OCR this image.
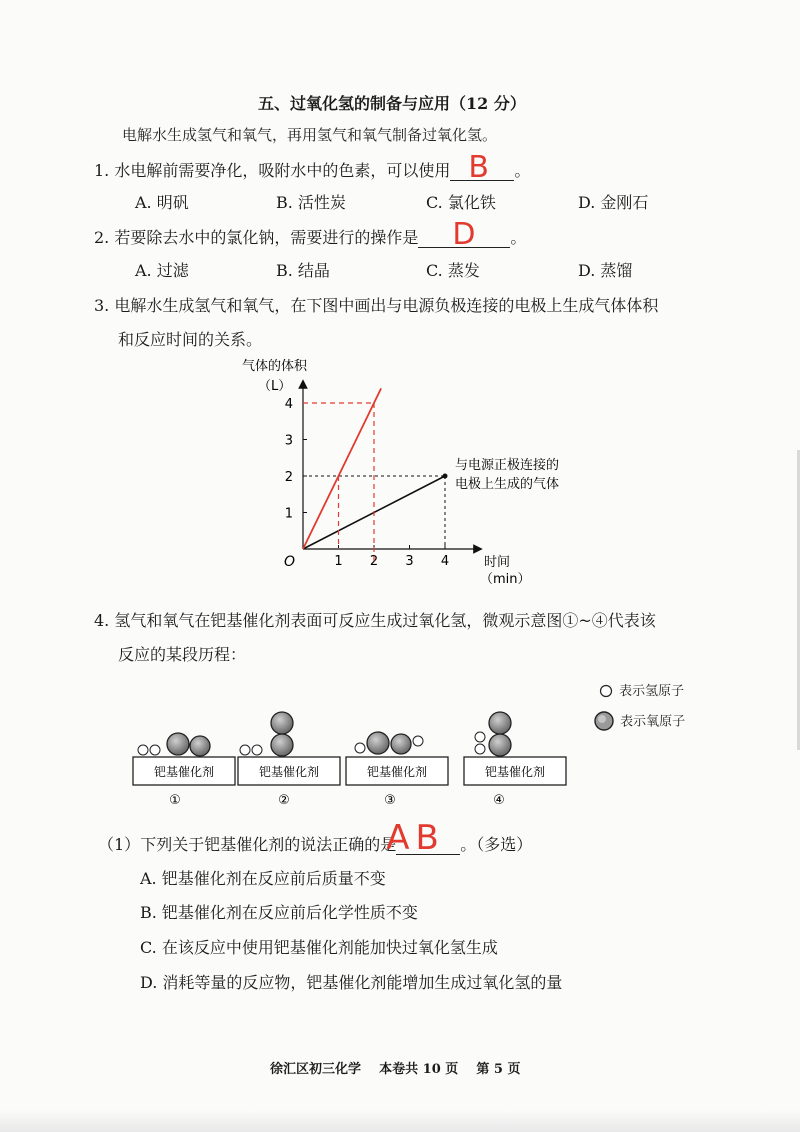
五、过氧化氢的制备与应用（12 分）
电解水生成氢气和氧气，再用氢气和氧气制备过氧化氢。
1. 水电解前需要净化，吸附水中的色素，可以使用 B 。
A. 明矾	B. 活性炭	C. 氯化铁	D. 金刚石
2. 若要除去水中的氯化钠，需要进行的操作是 D 。
A. 过滤	B. 结晶	C. 蒸发	D. 蒸馏
3. 电解水生成氢气和氧气，在下图中画出与电源负极连接的电极上生成气体体积
和反应时间的关系。
气体的体积
（L）
时间
（min）
O	1 2 3 4
1
2
3
4
与电源正极连接的
电极上生成的气体
4. 氢气和氧气在钯基催化剂表面可反应生成过氧化氢，微观示意图①~④代表该
反应的某段历程：
表示氢原子
表示氧原子
钯基催化剂
①
钯基催化剂
②
钯基催化剂
③
钯基催化剂
④
（1）下列关于钯基催化剂的说法正确的是
AB 。（多选）
A. 钯基催化剂在反应前后质量不变
B. 钯基催化剂在反应前后化学性质不变
C. 在该反应中使用钯基催化剂能加快过氧化氢生成
D. 消耗等量的反应物，钯基催化剂能增加生成过氧化氢的量
徐汇区初三化学 本卷共 10 页 第 5 页
